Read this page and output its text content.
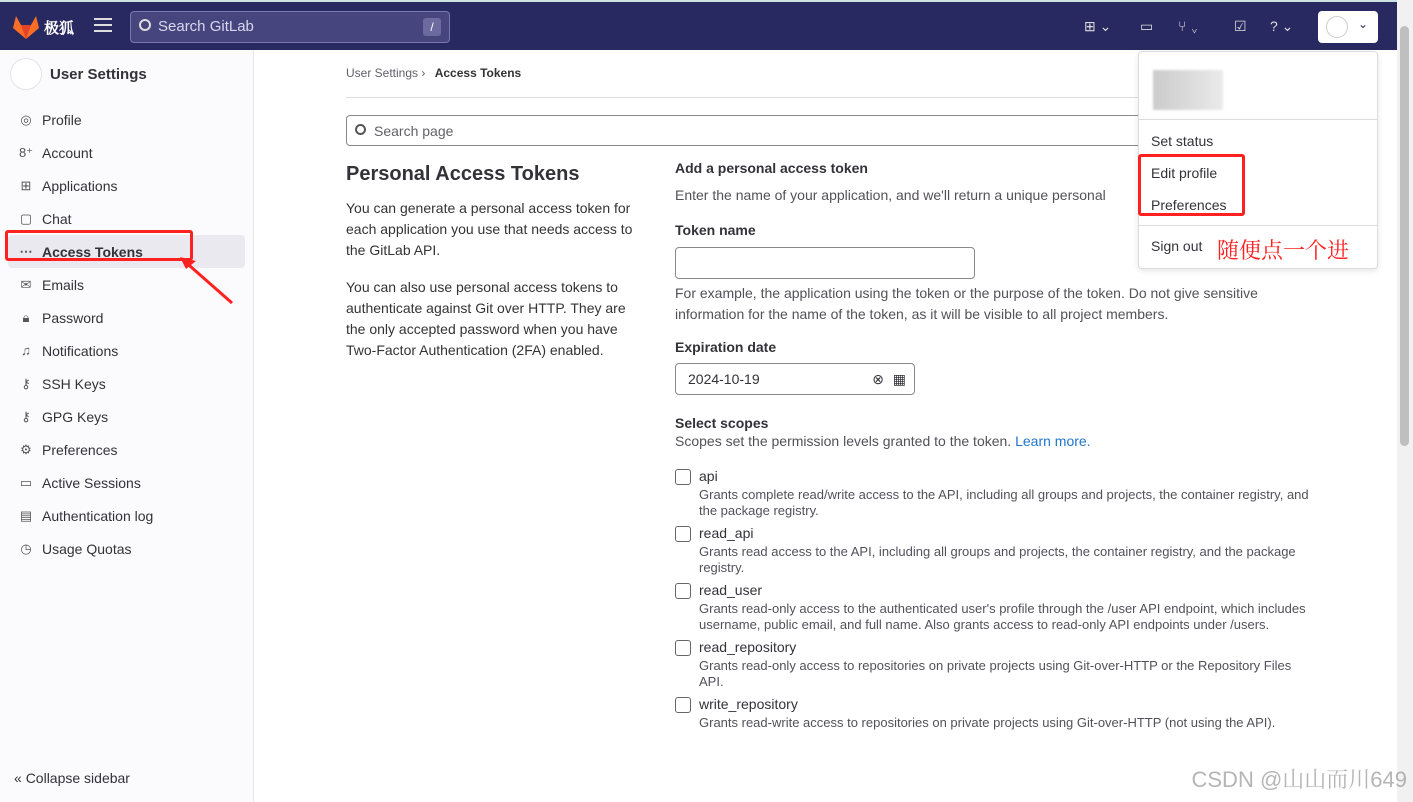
极狐	Search GitLab	/	⊞ ⌄ ▭ ⑂ ⌄	☑ ? ⌄	⌄
User Settings
◎ Profile
8⁺ Account
⊞ Applications
▢ Chat
⋯ Access Tokens
✉ Emails
🔒︎ Password
♫ Notifications
⚷ SSH Keys
⚷ GPG Keys
⚙ Preferences
▭ Active Sessions
▤ Authentication log
◷ Usage Quotas
« Collapse sidebar
User Settings › Access Tokens
Search page
Personal Access Tokens

You can generate a personal access token for each application you use that needs access to the GitLab API.

You can also use personal access tokens to authenticate against Git over HTTP. They are the only accepted password when you have Two-Factor Authentication (2FA) enabled.

Add a personal access token
Enter the name of your application, and we'll return a unique personal
Token name
For example, the application using the token or the purpose of the token. Do not give sensitive information for the name of the token, as it will be visible to all project members.
Expiration date
2024-10-19	⊗ ▦
Select scopes
Scopes set the permission levels granted to the token. Learn more.
api
Grants complete read/write access to the API, including all groups and projects, the container registry, and the package registry.
read_api
Grants read access to the API, including all groups and projects, the container registry, and the package registry.
read_user
Grants read-only access to the authenticated user's profile through the /user API endpoint, which includes username, public email, and full name. Also grants access to read-only API endpoints under /users.
read_repository
Grants read-only access to repositories on private projects using Git-over-HTTP or the Repository Files API.
write_repository
Grants read-write access to repositories on private projects using Git-over-HTTP (not using the API).
Set status
Edit profile
Preferences
Sign out 随便点一个进
CSDN @山山而川649
